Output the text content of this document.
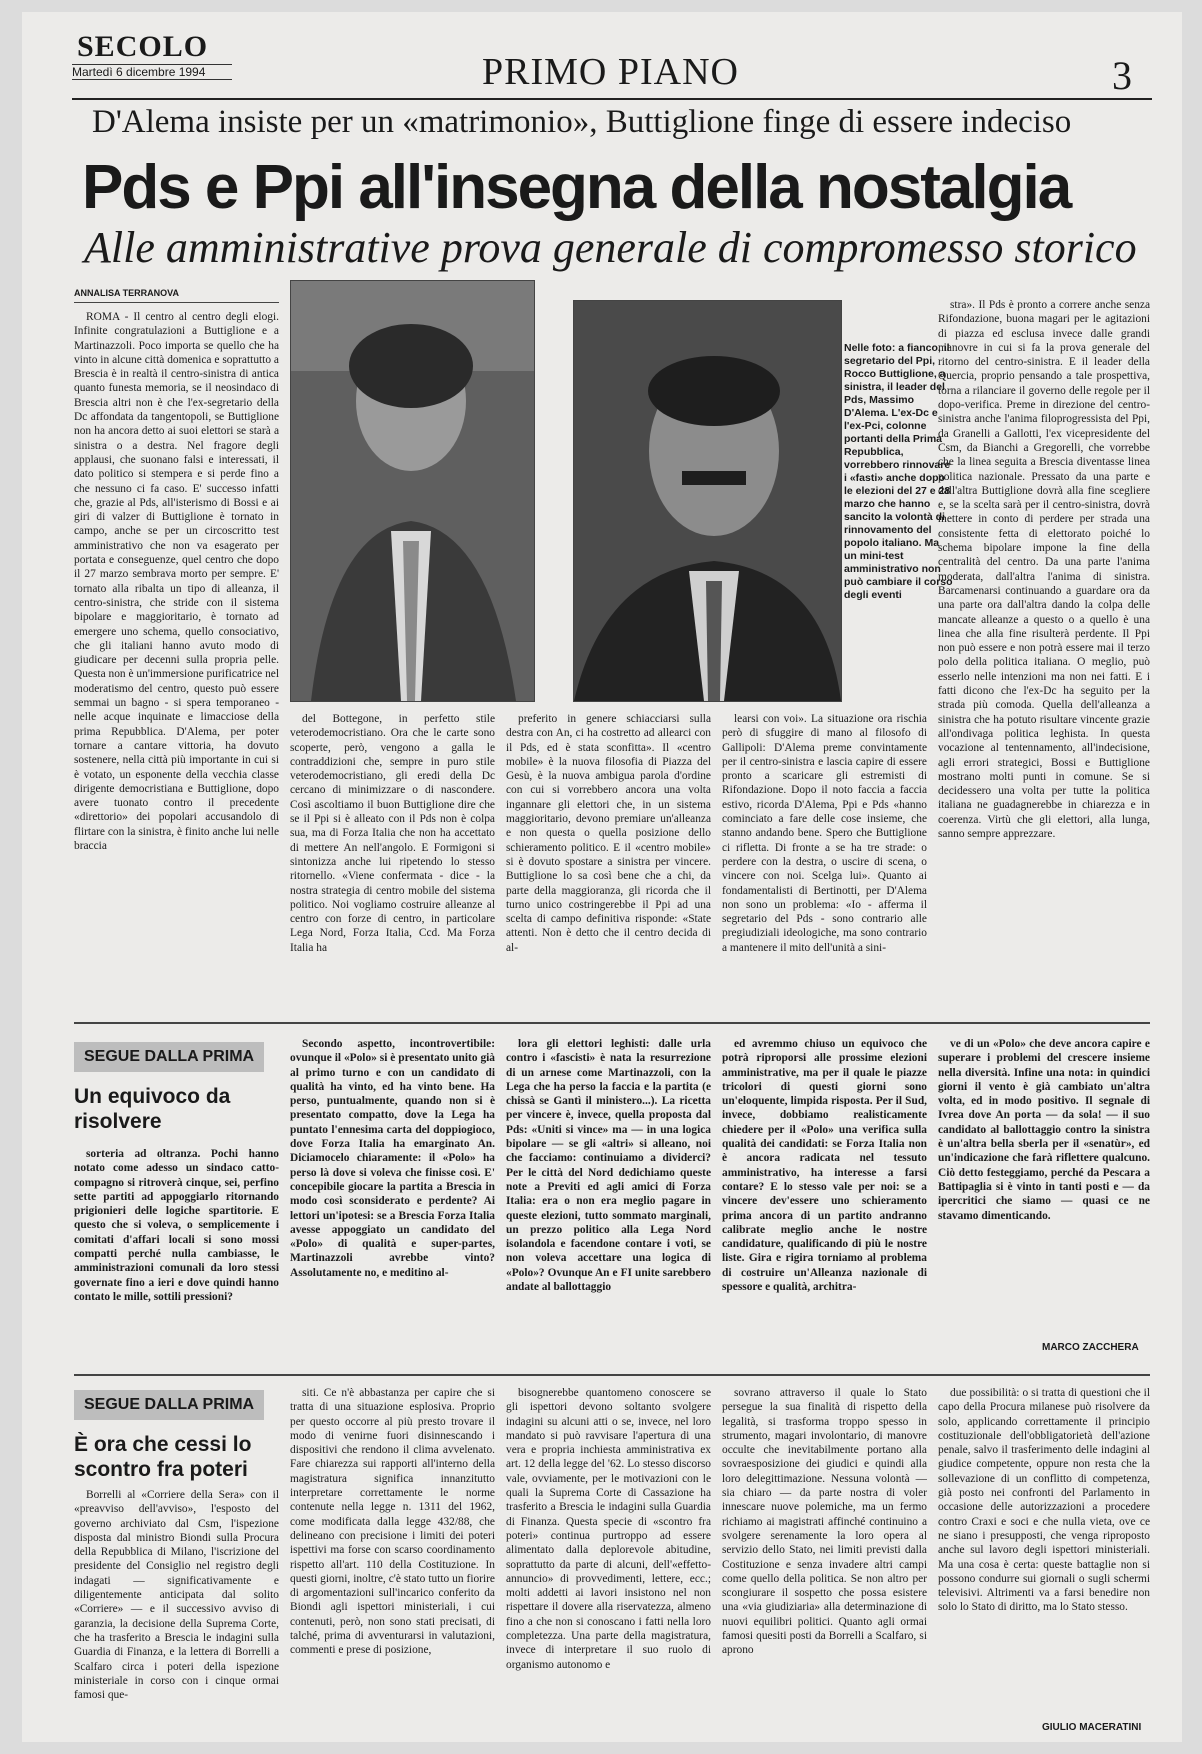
SECOLO
Martedì 6 dicembre 1994	PRIMO PIANO	3
D'Alema insiste per un «matrimonio», Buttiglione finge di essere indeciso
Pds e Ppi all'insegna della nostalgia
Alle amministrative prova generale di compromesso storico
ANNALISA TERRANOVA

ROMA - Il centro al centro degli elogi. Infinite congratulazioni a Buttiglione e a Martinazzoli. Poco importa se quello che ha vinto in alcune città domenica e soprattutto a Brescia è in realtà il centro-sinistra di antica quanto funesta memoria, se il neosindaco di Brescia altri non è che l'ex-segretario della Dc affondata da tangentopoli, se Buttiglione non ha ancora detto ai suoi elettori se starà a sinistra o a destra. Nel fragore degli applausi, che suonano falsi e interessati, il dato politico si stempera e si perde fino a che nessuno ci fa caso. E' successo infatti che, grazie al Pds, all'isterismo di Bossi e ai giri di valzer di Buttiglione è tornato in campo, anche se per un circoscritto test amministrativo che non va esagerato per portata e conseguenze, quel centro che dopo il 27 marzo sembrava morto per sempre. E' tornato alla ribalta un tipo di alleanza, il centro-sinistra, che stride con il sistema bipolare e maggioritario, è tornato ad emergere uno schema, quello consociativo, che gli italiani hanno avuto modo di giudicare per decenni sulla propria pelle. Questa non è un'immersione purificatrice nel moderatismo del centro, questo può essere semmai un bagno - si spera temporaneo - nelle acque inquinate e limacciose della prima Repubblica. D'Alema, per poter tornare a cantare vittoria, ha dovuto sostenere, nella città più importante in cui si è votato, un esponente della vecchia classe dirigente democristiana e Buttiglione, dopo avere tuonato contro il precedente «direttorio» dei popolari accusandolo di flirtare con la sinistra, è finito anche lui nelle braccia

Nelle foto: a fianco, il segretario del Ppi, Rocco Buttiglione, a sinistra, il leader del Pds, Massimo D'Alema. L'ex-Dc e l'ex-Pci, colonne portanti della Prima Repubblica, vorrebbero rinnovare i «fasti» anche dopo le elezioni del 27 e 28 marzo che hanno sancito la volontà di rinnovamento del popolo italiano. Ma un mini-test amministrativo non può cambiare il corso degli eventi

del Bottegone, in perfetto stile veterodemocristiano. Ora che le carte sono scoperte, però, vengono a galla le contraddizioni che, sempre in puro stile veterodemocristiano, gli eredi della Dc cercano di minimizzare o di nascondere. Così ascoltiamo il buon Buttiglione dire che se il Ppi si è alleato con il Pds non è colpa sua, ma di Forza Italia che non ha accettato di mettere An nell'angolo. E Formigoni si sintonizza anche lui ripetendo lo stesso ritornello. «Viene confermata - dice - la nostra strategia di centro mobile del sistema politico. Noi vogliamo costruire alleanze al centro con forze di centro, in particolare Lega Nord, Forza Italia, Ccd. Ma Forza Italia ha

preferito in genere schiacciarsi sulla destra con An, ci ha costretto ad allearci con il Pds, ed è stata sconfitta». Il «centro mobile» è la nuova filosofia di Piazza del Gesù, è la nuova ambigua parola d'ordine con cui si vorrebbero ancora una volta ingannare gli elettori che, in un sistema maggioritario, devono premiare un'alleanza e non questa o quella posizione dello schieramento politico. E il «centro mobile» si è dovuto spostare a sinistra per vincere. Buttiglione lo sa così bene che a chi, da parte della maggioranza, gli ricorda che il turno unico costringerebbe il Ppi ad una scelta di campo definitiva risponde: «State attenti. Non è detto che il centro decida di al-

learsi con voi». La situazione ora rischia però di sfuggire di mano al filosofo di Gallipoli: D'Alema preme convintamente per il centro-sinistra e lascia capire di essere pronto a scaricare gli estremisti di Rifondazione. Dopo il noto faccia a faccia estivo, ricorda D'Alema, Ppi e Pds «hanno cominciato a fare delle cose insieme, che stanno andando bene. Spero che Buttiglione ci rifletta. Di fronte a se ha tre strade: o perdere con la destra, o uscire di scena, o vincere con noi. Scelga lui». Quanto ai fondamentalisti di Bertinotti, per D'Alema non sono un problema: «Io - afferma il segretario del Pds - sono contrario alle pregiudiziali ideologiche, ma sono contrario a mantenere il mito dell'unità a sini-

stra». Il Pds è pronto a correre anche senza Rifondazione, buona magari per le agitazioni di piazza ed esclusa invece dalle grandi manovre in cui si fa la prova generale del ritorno del centro-sinistra. E il leader della Quercia, proprio pensando a tale prospettiva, torna a rilanciare il governo delle regole per il dopo-verifica. Preme in direzione del centro-sinistra anche l'anima filoprogressista del Ppi, da Granelli a Gallotti, l'ex vicepresidente del Csm, da Bianchi a Gregorelli, che vorrebbe che la linea seguita a Brescia diventasse linea politica nazionale. Pressato da una parte e dall'altra Buttiglione dovrà alla fine scegliere e, se la scelta sarà per il centro-sinistra, dovrà mettere in conto di perdere per strada una consistente fetta di elettorato poiché lo schema bipolare impone la fine della centralità del centro. Da una parte l'anima moderata, dall'altra l'anima di sinistra. Barcamenarsi continuando a guardare ora da una parte ora dall'altra dando la colpa delle mancate alleanze a questo o a quello è una linea che alla fine risulterà perdente. Il Ppi non può essere e non potrà essere mai il terzo polo della politica italiana. O meglio, può esserlo nelle intenzioni ma non nei fatti. E i fatti dicono che l'ex-Dc ha seguito per la strada più comoda. Quella dell'alleanza a sinistra che ha potuto risultare vincente grazie all'ondivaga politica leghista. In questa vocazione al tentennamento, all'indecisione, agli errori strategici, Bossi e Buttiglione mostrano molti punti in comune. Se si decidessero una volta per tutte la politica italiana ne guadagnerebbe in chiarezza e in coerenza. Virtù che gli elettori, alla lunga, sanno sempre apprezzare.

SEGUE DALLA PRIMA
Un equivoco da risolvere

sorteria ad oltranza. Pochi hanno notato come adesso un sindaco catto-compagno si ritroverà cinque, sei, perfino sette partiti ad appoggiarlo ritornando prigionieri delle logiche spartitorie. E questo che si voleva, o semplicemente i comitati d'affari locali si sono mossi compatti perché nulla cambiasse, le amministrazioni comunali da loro stessi governate fino a ieri e dove quindi hanno contato le mille, sottili pressioni?

Secondo aspetto, incontrovertibile: ovunque il «Polo» si è presentato unito già al primo turno e con un candidato di qualità ha vinto, ed ha vinto bene. Ha perso, puntualmente, quando non si è presentato compatto, dove la Lega ha puntato l'ennesima carta del doppiogioco, dove Forza Italia ha emarginato An. Diciamocelo chiaramente: il «Polo» ha perso là dove si voleva che finisse così. E' concepibile giocare la partita a Brescia in modo così sconsiderato e perdente? Ai lettori un'ipotesi: se a Brescia Forza Italia avesse appoggiato un candidato del «Polo» di qualità e super-partes, Martinazzoli avrebbe vinto? Assolutamente no, e meditino al-

lora gli elettori leghisti: dalle urla contro i «fascisti» è nata la resurrezione di un arnese come Martinazzoli, con la Lega che ha perso la faccia e la partita (e chissà se Gantì il ministero...). La ricetta per vincere è, invece, quella proposta dal Pds: «Uniti si vince» ma — in una logica bipolare — se gli «altri» si alleano, noi che facciamo: continuiamo a dividerci? Per le città del Nord dedichiamo queste note a Previti ed agli amici di Forza Italia: era o non era meglio pagare in queste elezioni, tutto sommato marginali, un prezzo politico alla Lega Nord isolandola e facendone contare i voti, se non voleva accettare una logica di «Polo»? Ovunque An e FI unite sarebbero andate al ballottaggio

ed avremmo chiuso un equivoco che potrà riproporsi alle prossime elezioni amministrative, ma per il quale le piazze tricolori di questi giorni sono un'eloquente, limpida risposta. Per il Sud, invece, dobbiamo realisticamente chiedere per il «Polo» una verifica sulla qualità dei candidati: se Forza Italia non è ancora radicata nel tessuto amministrativo, ha interesse a farsi contare? E lo stesso vale per noi: se a vincere dev'essere uno schieramento prima ancora di un partito andranno calibrate meglio anche le nostre candidature, qualificando di più le nostre liste. Gira e rigira torniamo al problema di costruire un'Alleanza nazionale di spessore e qualità, architra-

ve di un «Polo» che deve ancora capire e superare i problemi del crescere insieme nella diversità. Infine una nota: in quindici giorni il vento è già cambiato un'altra volta, ed in modo positivo. Il segnale di Ivrea dove An porta — da sola! — il suo candidato al ballottaggio contro la sinistra è un'altra bella sberla per il «senatùr», ed un'indicazione che farà riflettere qualcuno. Ciò detto festeggiamo, perché da Pescara a Battipaglia si è vinto in tanti posti e — da ipercritici che siamo — quasi ce ne stavamo dimenticando.

MARCO ZACCHERA
SEGUE DALLA PRIMA
È ora che cessi lo scontro fra poteri

Borrelli al «Corriere della Sera» con il «preavviso dell'avviso», l'esposto del governo archiviato dal Csm, l'ispezione disposta dal ministro Biondi sulla Procura della Repubblica di Milano, l'iscrizione del presidente del Consiglio nel registro degli indagati — significativamente e diligentemente anticipata dal solito «Corriere» — e il successivo avviso di garanzia, la decisione della Suprema Corte, che ha trasferito a Brescia le indagini sulla Guardia di Finanza, e la lettera di Borrelli a Scalfaro circa i poteri della ispezione ministeriale in corso con i cinque ormai famosi que-

siti. Ce n'è abbastanza per capire che si tratta di una situazione esplosiva. Proprio per questo occorre al più presto trovare il modo di venirne fuori disinnescando i dispositivi che rendono il clima avvelenato. Fare chiarezza sui rapporti all'interno della magistratura significa innanzitutto interpretare correttamente le norme contenute nella legge n. 1311 del 1962, come modificata dalla legge 432/88, che delineano con precisione i limiti dei poteri ispettivi ma forse con scarso coordinamento rispetto all'art. 110 della Costituzione. In questi giorni, inoltre, c'è stato tutto un fiorire di argomentazioni sull'incarico conferito da Biondi agli ispettori ministeriali, i cui contenuti, però, non sono stati precisati, di talché, prima di avventurarsi in valutazioni, commenti e prese di posizione,

bisognerebbe quantomeno conoscere se gli ispettori devono soltanto svolgere indagini su alcuni atti o se, invece, nel loro mandato si può ravvisare l'apertura di una vera e propria inchiesta amministrativa ex art. 12 della legge del '62. Lo stesso discorso vale, ovviamente, per le motivazioni con le quali la Suprema Corte di Cassazione ha trasferito a Brescia le indagini sulla Guardia di Finanza. Questa specie di «scontro fra poteri» continua purtroppo ad essere alimentato dalla deplorevole abitudine, soprattutto da parte di alcuni, dell'«effetto-annuncio» di provvedimenti, lettere, ecc.; molti addetti ai lavori insistono nel non rispettare il dovere alla riservatezza, almeno fino a che non si conoscano i fatti nella loro completezza. Una parte della magistratura, invece di interpretare il suo ruolo di organismo autonomo e

sovrano attraverso il quale lo Stato persegue la sua finalità di rispetto della legalità, si trasforma troppo spesso in strumento, magari involontario, di manovre occulte che inevitabilmente portano alla sovraesposizione dei giudici e quindi alla loro delegittimazione. Nessuna volontà — sia chiaro — da parte nostra di voler innescare nuove polemiche, ma un fermo richiamo ai magistrati affinché continuino a svolgere serenamente la loro opera al servizio dello Stato, nei limiti previsti dalla Costituzione e senza invadere altri campi come quello della politica. Se non altro per scongiurare il sospetto che possa esistere una «via giudiziaria» alla determinazione di nuovi equilibri politici. Quanto agli ormai famosi quesiti posti da Borrelli a Scalfaro, si aprono

due possibilità: o si tratta di questioni che il capo della Procura milanese può risolvere da solo, applicando correttamente il principio costituzionale dell'obbligatorietà dell'azione penale, salvo il trasferimento delle indagini al giudice competente, oppure non resta che la sollevazione di un conflitto di competenza, già posto nei confronti del Parlamento in occasione delle autorizzazioni a procedere contro Craxi e soci e che nulla vieta, ove ce ne siano i presupposti, che venga riproposto anche sul lavoro degli ispettori ministeriali. Ma una cosa è certa: queste battaglie non si possono condurre sui giornali o sugli schermi televisivi. Altrimenti va a farsi benedire non solo lo Stato di diritto, ma lo Stato stesso.

GIULIO MACERATINI
